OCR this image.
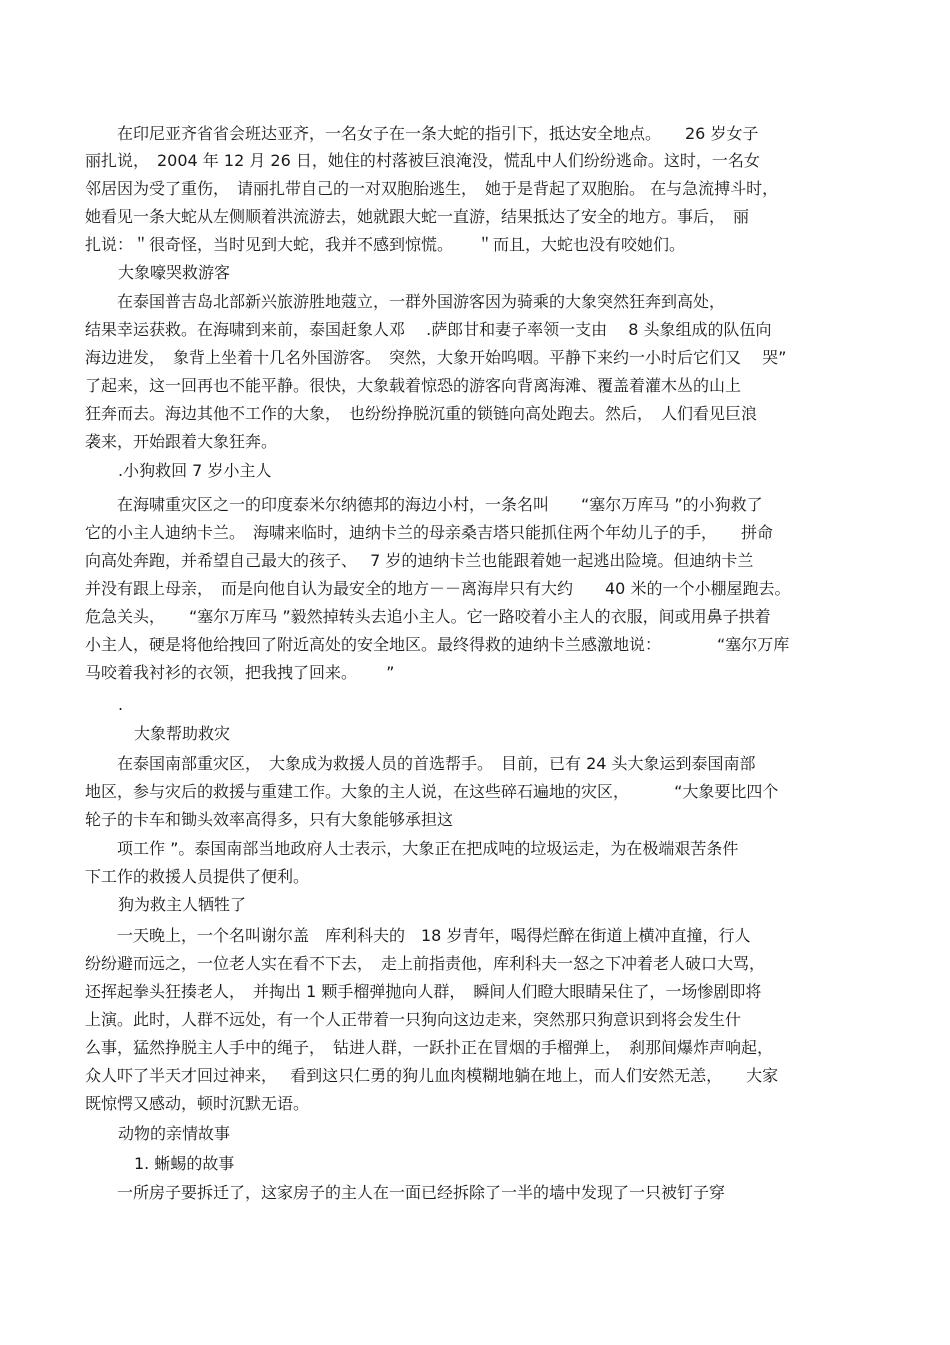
　　在印尼亚齐省省会班达亚齐，一名女子在一条大蛇的指引下，抵达安全地点。　　26 岁女子

丽扎说，　2004 年 12 月 26 日，她住的村落被巨浪淹没，慌乱中人们纷纷逃命。这时，一名女

邻居因为受了重伤，　请丽扎带自己的一对双胞胎逃生，　她于是背起了双胞胎。 在与急流搏斗时，

她看见一条大蛇从左侧顺着洪流游去，她就跟大蛇一直游，结果抵达了安全的地方。事后，　丽

扎说：＂很奇怪，当时见到大蛇，我并不感到惊慌。　　＂而且，大蛇也没有咬她们。

大象嚎哭救游客

　　在泰国普吉岛北部新兴旅游胜地蔻立，一群外国游客因为骑乘的大象突然狂奔到高处，

结果幸运获救。在海啸到来前，泰国赶象人邓　 .萨郎甘和妻子率领一支由　 8 头象组成的队伍向

海边进发，　象背上坐着十几名外国游客。　突然，大象开始呜咽。平静下来约一小时后它们又　 哭”

了起来，这一回再也不能平静。很快，大象载着惊恐的游客向背离海滩、覆盖着灌木丛的山上

狂奔而去。海边其他不工作的大象，　也纷纷挣脱沉重的锁链向高处跑去。然后，　人们看见巨浪

袭来，开始跟着大象狂奔。

.小狗救回 7 岁小主人

　　在海啸重灾区之一的印度泰米尔纳德邦的海边小村，一条名叫　　“塞尔万库马 ”的小狗救了

它的小主人迪纳卡兰。　海啸来临时，迪纳卡兰的母亲桑吉塔只能抓住两个年幼儿子的手，　　拼命

向高处奔跑，并希望自己最大的孩子、　 7 岁的迪纳卡兰也能跟着她一起逃出险境。但迪纳卡兰

并没有跟上母亲，　而是向他自认为最安全的地方－－离海岸只有大约　　40 米的一个小棚屋跑去。

危急关头，　　“塞尔万库马 ”毅然掉转头去追小主人。它一路咬着小主人的衣服，间或用鼻子拱着

小主人，硬是将他给拽回了附近高处的安全地区。最终得救的迪纳卡兰感激地说：　　　　“塞尔万库

马咬着我衬衫的衣领，把我拽了回来。　　 ”

.

　大象帮助救灾

　　在泰国南部重灾区，　大象成为救援人员的首选帮手。　目前，已有 24 头大象运到泰国南部

地区，参与灾后的救援与重建工作。大象的主人说，在这些碎石遍地的灾区，　　　 “大象要比四个

轮子的卡车和锄头效率高得多，只有大象能够承担这

　　项工作 ”。泰国南部当地政府人士表示，大象正在把成吨的垃圾运走，为在极端艰苦条件

下工作的救援人员提供了便利。

狗为救主人牺牲了

　　一天晚上，一个名叫谢尔盖　库利科夫的　18 岁青年，喝得烂醉在街道上横冲直撞，行人

纷纷避而远之，一位老人实在看不下去，　走上前指责他，库利科夫一怒之下冲着老人破口大骂，

还挥起拳头狂揍老人，　并掏出 1 颗手榴弹抛向人群，　瞬间人们瞪大眼睛呆住了，一场惨剧即将

上演。此时，人群不远处，有一个人正带着一只狗向这边走来，突然那只狗意识到将会发生什

么事，猛然挣脱主人手中的绳子，　钻进人群，一跃扑正在冒烟的手榴弹上，　刹那间爆炸声响起，

众人吓了半天才回过神来，　 看到这只仁勇的狗儿血肉模糊地躺在地上，而人们安然无恙，　　大家

既惊愕又感动，顿时沉默无语。

动物的亲情故事

　1. 蜥蜴的故事

　　一所房子要拆迁了，这家房子的主人在一面已经拆除了一半的墙中发现了一只被钉子穿
